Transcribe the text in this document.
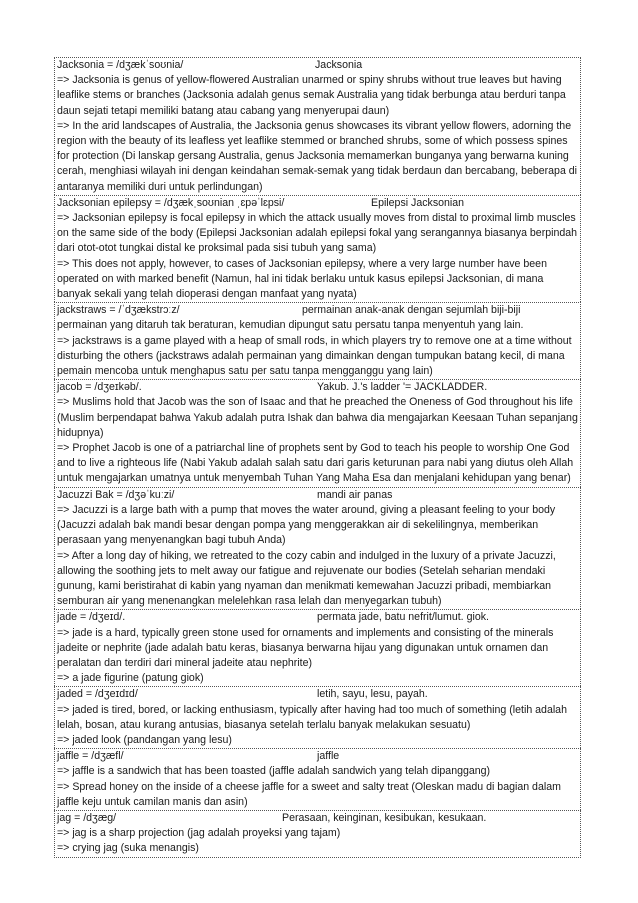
Jacksonia = /dʒækˈsoʊnia/	Jacksonia
=> Jacksonia is genus of yellow-flowered Australian unarmed or spiny shrubs without true leaves but having leaflike stems or branches (Jacksonia adalah genus semak Australia yang tidak berbunga atau berduri tanpa daun sejati tetapi memiliki batang atau cabang yang menyerupai daun)
=> In the arid landscapes of Australia, the Jacksonia genus showcases its vibrant yellow flowers, adorning the region with the beauty of its leafless yet leaflike stemmed or branched shrubs, some of which possess spines for protection (Di lanskap gersang Australia, genus Jacksonia memamerkan bunganya yang berwarna kuning cerah, menghiasi wilayah ini dengan keindahan semak-semak yang tidak berdaun dan bercabang, beberapa di antaranya memiliki duri untuk perlindungan)
Jacksonian epilepsy = /dʒækˌsoʊnian ˌɛpəˈlɛpsi/	Epilepsi Jacksonian
=> Jacksonian epilepsy is focal epilepsy in which the attack usually moves from distal to proximal limb muscles on the same side of the body (Epilepsi Jacksonian adalah epilepsi fokal yang serangannya biasanya berpindah dari otot-otot tungkai distal ke proksimal pada sisi tubuh yang sama)
=> This does not apply, however, to cases of Jacksonian epilepsy, where a very large number have been operated on with marked benefit (Namun, hal ini tidak berlaku untuk kasus epilepsi Jacksonian, di mana banyak sekali yang telah dioperasi dengan manfaat yang nyata)
jackstraws = /ˈdʒækstrɔːz/	permainan anak-anak dengan sejumlah biji-biji
permainan yang ditaruh tak beraturan, kemudian dipungut satu persatu tanpa menyentuh yang lain.
=> jackstraws is a game played with a heap of small rods, in which players try to remove one at a time without disturbing the others (jackstraws adalah permainan yang dimainkan dengan tumpukan batang kecil, di mana pemain mencoba untuk menghapus satu per satu tanpa mengganggu yang lain)
jacob = /dʒeɪkəb/.	Yakub. J.'s ladder '= JACKLADDER.
=> Muslims hold that Jacob was the son of Isaac and that he preached the Oneness of God throughout his life (Muslim berpendapat bahwa Yakub adalah putra Ishak dan bahwa dia mengajarkan Keesaan Tuhan sepanjang hidupnya)
=> Prophet Jacob is one of a patriarchal line of prophets sent by God to teach his people to worship One God and to live a righteous life (Nabi Yakub adalah salah satu dari garis keturunan para nabi yang diutus oleh Allah untuk mengajarkan umatnya untuk menyembah Tuhan Yang Maha Esa dan menjalani kehidupan yang benar)
Jacuzzi Bak = /dʒəˈkuːzi/	mandi air panas
=> Jacuzzi is a large bath with a pump that moves the water around, giving a pleasant feeling to your body (Jacuzzi adalah bak mandi besar dengan pompa yang menggerakkan air di sekelilingnya, memberikan perasaan yang menyenangkan bagi tubuh Anda)
=> After a long day of hiking, we retreated to the cozy cabin and indulged in the luxury of a private Jacuzzi, allowing the soothing jets to melt away our fatigue and rejuvenate our bodies (Setelah seharian mendaki gunung, kami beristirahat di kabin yang nyaman dan menikmati kemewahan Jacuzzi pribadi, membiarkan semburan air yang menenangkan melelehkan rasa lelah dan menyegarkan tubuh)
jade = /dʒeɪd/.	permata jade, batu nefrit/lumut. giok.
=> jade is a hard, typically green stone used for ornaments and implements and consisting of the minerals jadeite or nephrite (jade adalah batu keras, biasanya berwarna hijau yang digunakan untuk ornamen dan peralatan dan terdiri dari mineral jadeite atau nephrite)
=> a jade figurine (patung giok)
jaded = /dʒeɪdɪd/	letih, sayu, lesu, payah.
=> jaded is tired, bored, or lacking enthusiasm, typically after having had too much of something (letih adalah lelah, bosan, atau kurang antusias, biasanya setelah terlalu banyak melakukan sesuatu)
=> jaded look (pandangan yang lesu)
jaffle = /dʒæfl/	jaffle
=> jaffle is a sandwich that has been toasted (jaffle adalah sandwich yang telah dipanggang)
=> Spread honey on the inside of a cheese jaffle for a sweet and salty treat (Oleskan madu di bagian dalam jaffle keju untuk camilan manis dan asin)
jag = /dʒæg/	Perasaan, keinginan, kesibukan, kesukaan.
=> jag is a sharp projection (jag adalah proyeksi yang tajam)
=> crying jag (suka menangis)
